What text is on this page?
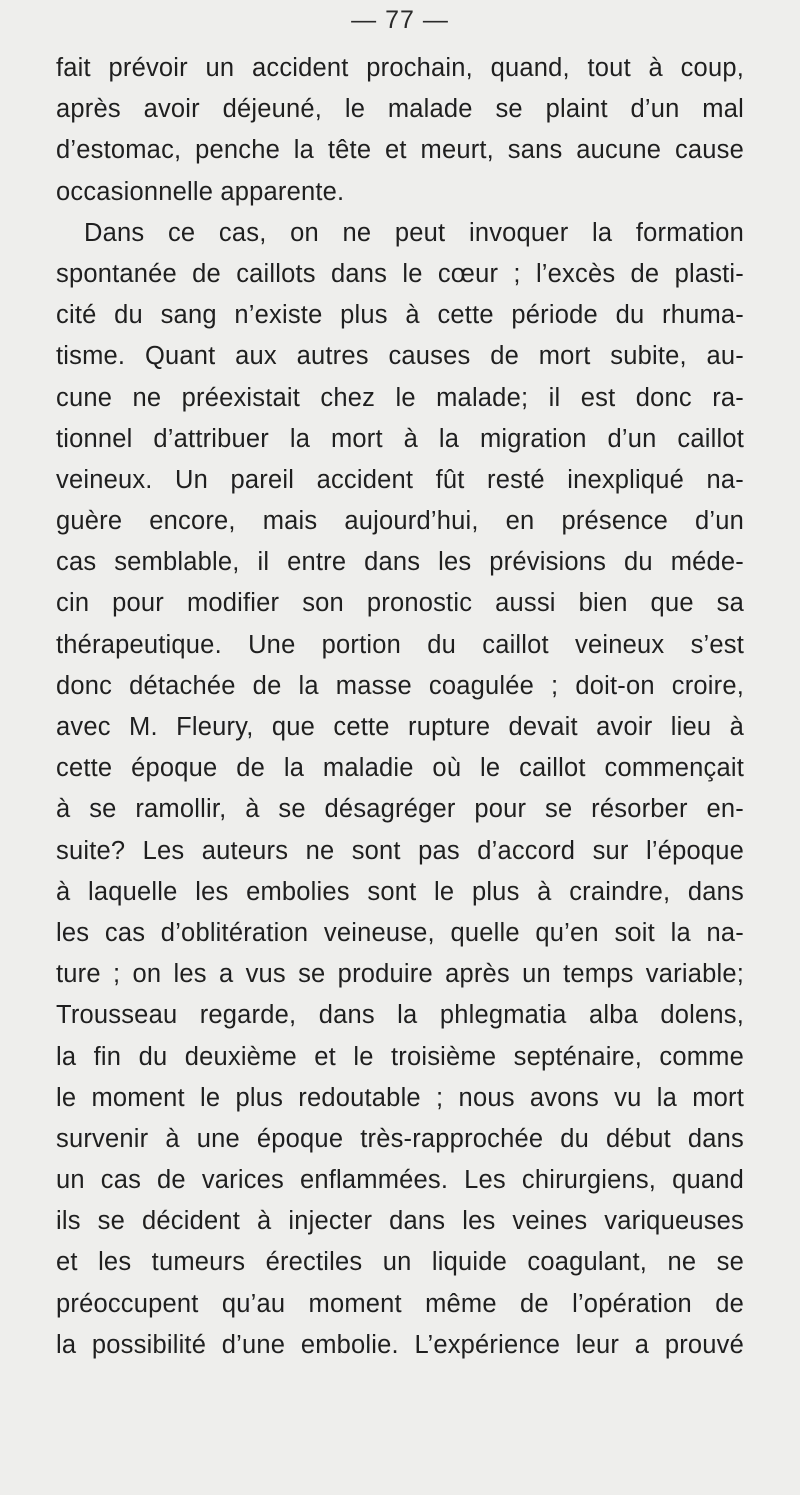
— 77 —
fait prévoir un accident prochain, quand, tout à coup,
après avoir déjeuné, le malade se plaint d’un mal
d’estomac, penche la tête et meurt, sans aucune cause
occasionnelle apparente.
Dans ce cas, on ne peut invoquer la formation
spontanée de caillots dans le cœur ; l’excès de plasti-
cité du sang n’existe plus à cette période du rhuma-
tisme. Quant aux autres causes de mort subite, au-
cune ne préexistait chez le malade; il est donc ra-
tionnel d’attribuer la mort à la migration d’un caillot
veineux. Un pareil accident fût resté inexpliqué na-
guère encore, mais aujourd’hui, en présence d’un
cas semblable, il entre dans les prévisions du méde-
cin pour modifier son pronostic aussi bien que sa
thérapeutique. Une portion du caillot veineux s’est
donc détachée de la masse coagulée ; doit-on croire,
avec M. Fleury, que cette rupture devait avoir lieu à
cette époque de la maladie où le caillot commençait
à se ramollir, à se désagréger pour se résorber en-
suite? Les auteurs ne sont pas d’accord sur l’époque
à laquelle les embolies sont le plus à craindre, dans
les cas d’oblitération veineuse, quelle qu’en soit la na-
ture ; on les a vus se produire après un temps variable;
Trousseau regarde, dans la phlegmatia alba dolens,
la fin du deuxième et le troisième septénaire, comme
le moment le plus redoutable ; nous avons vu la mort
survenir à une époque très-rapprochée du début dans
un cas de varices enflammées. Les chirurgiens, quand
ils se décident à injecter dans les veines variqueuses
et les tumeurs érectiles un liquide coagulant, ne se
préoccupent qu’au moment même de l’opération de
la possibilité d’une embolie. L’expérience leur a prouvé
